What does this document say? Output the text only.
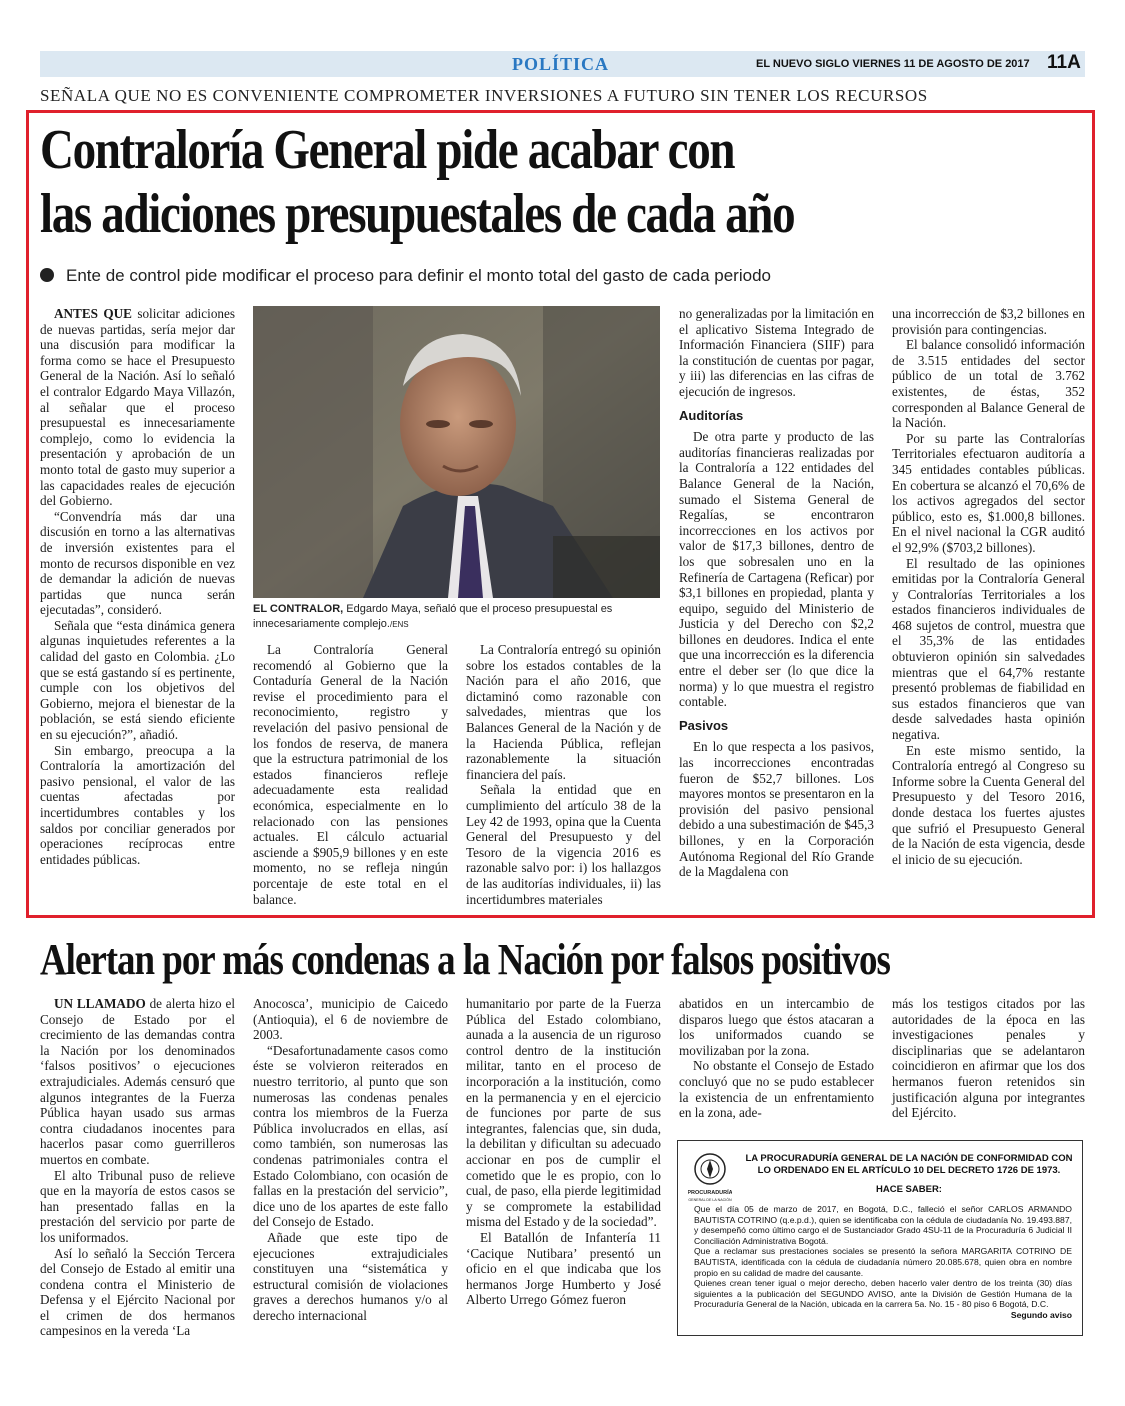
POLÍTICA	EL NUEVO SIGLO VIERNES 11 DE AGOSTO DE 2017 11A
SEÑALA QUE NO ES CONVENIENTE COMPROMETER INVERSIONES A FUTURO SIN TENER LOS RECURSOS
Contraloría General pide acabar con
las adiciones presupuestales de cada año
Ente de control pide modificar el proceso para definir el monto total del gasto de cada periodo

ANTES QUE solicitar adiciones de nuevas partidas, sería mejor dar una discusión para modificar la forma como se hace el Presupuesto General de la Nación. Así lo señaló el contralor Edgardo Maya Villazón, al señalar que el proceso presupuestal es innecesariamente complejo, como lo evidencia la presentación y aprobación de un monto total de gasto muy superior a las capacidades reales de ejecución del Gobierno.

“Convendría más dar una discusión en torno a las alternativas de inversión existentes para el monto de recursos disponible en vez de demandar la adición de nuevas partidas que nunca serán ejecutadas”, consideró.

Señala que “esta dinámica genera algunas inquietudes referentes a la calidad del gasto en Colombia. ¿Lo que se está gastando sí es pertinente, cumple con los objetivos del Gobierno, mejora el bienestar de la población, se está siendo eficiente en su ejecución?”, añadió.

Sin embargo, preocupa a la Contraloría la amortización del pasivo pensional, el valor de las cuentas afectadas por incertidumbres contables y los saldos por conciliar generados por operaciones recíprocas entre entidades públicas.

EL CONTRALOR, Edgardo Maya, señaló que el proceso presupuestal es innecesariamente complejo./ENS

La Contraloría General recomendó al Gobierno que la Contaduría General de la Nación revise el procedimiento para el reconocimiento, registro y revelación del pasivo pensional de los fondos de reserva, de manera que la estructura patrimonial de los estados financieros refleje adecuadamente esta realidad económica, especialmente en lo relacionado con las pensiones actuales. El cálculo actuarial asciende a $905,9 billones y en este momento, no se refleja ningún porcentaje de este total en el balance.

La Contraloría entregó su opinión sobre los estados contables de la Nación para el año 2016, que dictaminó como razonable con salvedades, mientras que los Balances General de la Nación y de la Hacienda Pública, reflejan razonablemente la situación financiera del país.

Señala la entidad que en cumplimiento del artículo 38 de la Ley 42 de 1993, opina que la Cuenta General del Presupuesto y del Tesoro de la vigencia 2016 es razonable salvo por: i) los hallazgos de las auditorías individuales, ii) las incertidumbres materiales

no generalizadas por la limitación en el aplicativo Sistema Integrado de Información Financiera (SIIF) para la constitución de cuentas por pagar, y iii) las diferencias en las cifras de ejecución de ingresos.

Auditorías

De otra parte y producto de las auditorías financieras realizadas por la Contraloría a 122 entidades del Balance General de la Nación, sumado el Sistema General de Regalías, se encontraron incorrecciones en los activos por valor de $17,3 billones, dentro de los que sobresalen uno en la Refinería de Cartagena (Reficar) por $3,1 billones en propiedad, planta y equipo, seguido del Ministerio de Justicia y del Derecho con $2,2 billones en deudores. Indica el ente que una incorrección es la diferencia entre el deber ser (lo que dice la norma) y lo que muestra el registro contable.

Pasivos

En lo que respecta a los pasivos, las incorrecciones encontradas fueron de $52,7 billones. Los mayores montos se presentaron en la provisión del pasivo pensional debido a una subestimación de $45,3 billones, y en la Corporación Autónoma Regional del Río Grande de la Magdalena con

una incorrección de $3,2 billones en provisión para contingencias.

El balance consolidó información de 3.515 entidades del sector público de un total de 3.762 existentes, de éstas, 352 corresponden al Balance General de la Nación.

Por su parte las Contralorías Territoriales efectuaron auditoría a 345 entidades contables públicas. En cobertura se alcanzó el 70,6% de los activos agregados del sector público, esto es, $1.000,8 billones. En el nivel nacional la CGR auditó el 92,9% ($703,2 billones).

El resultado de las opiniones emitidas por la Contraloría General y Contralorías Territoriales a los estados financieros individuales de 468 sujetos de control, muestra que el 35,3% de las entidades obtuvieron opinión sin salvedades mientras que el 64,7% restante presentó problemas de fiabilidad en sus estados financieros que van desde salvedades hasta opinión negativa.

En este mismo sentido, la Contraloría entregó al Congreso su Informe sobre la Cuenta General del Presupuesto y del Tesoro 2016, donde destaca los fuertes ajustes que sufrió el Presupuesto General de la Nación de esta vigencia, desde el inicio de su ejecución.

Alertan por más condenas a la Nación por falsos positivos

UN LLAMADO de alerta hizo el Consejo de Estado por el crecimiento de las demandas contra la Nación por los denominados ‘falsos positivos’ o ejecuciones extrajudiciales. Además censuró que algunos integrantes de la Fuerza Pública hayan usado sus armas contra ciudadanos inocentes para hacerlos pasar como guerrilleros muertos en combate.

El alto Tribunal puso de relieve que en la mayoría de estos casos se han presentado fallas en la prestación del servicio por parte de los uniformados.

Así lo señaló la Sección Tercera del Consejo de Estado al emitir una condena contra el Ministerio de Defensa y el Ejército Nacional por el crimen de dos hermanos campesinos en la vereda ‘La

Anocosca’, municipio de Caicedo (Antioquia), el 6 de noviembre de 2003.

“Desafortunadamente casos como éste se volvieron reiterados en nuestro territorio, al punto que son numerosas las condenas penales contra los miembros de la Fuerza Pública involucrados en ellas, así como también, son numerosas las condenas patrimoniales contra el Estado Colombiano, con ocasión de fallas en la prestación del servicio”, dice uno de los apartes de este fallo del Consejo de Estado.

Añade que este tipo de ejecuciones extrajudiciales constituyen una “sistemática y estructural comisión de violaciones graves a derechos humanos y/o al derecho internacional

humanitario por parte de la Fuerza Pública del Estado colombiano, aunada a la ausencia de un riguroso control dentro de la institución militar, tanto en el proceso de incorporación a la institución, como en la permanencia y en el ejercicio de funciones por parte de sus integrantes, falencias que, sin duda, la debilitan y dificultan su adecuado accionar en pos de cumplir el cometido que le es propio, con lo cual, de paso, ella pierde legitimidad y se compromete la estabilidad misma del Estado y de la sociedad”.

El Batallón de Infantería 11 ‘Cacique Nutibara’ presentó un oficio en el que indicaba que los hermanos Jorge Humberto y José Alberto Urrego Gómez fueron

abatidos en un intercambio de disparos luego que éstos atacaran a los uniformados cuando se movilizaban por la zona.

No obstante el Consejo de Estado concluyó que no se pudo establecer la existencia de un enfrentamiento en la zona, ade-

más los testigos citados por las autoridades de la época en las investigaciones penales y disciplinarias que se adelantaron coincidieron en afirmar que los dos hermanos fueron retenidos sin justificación alguna por integrantes del Ejército.

PROCURADURÍA
GENERAL DE LA NACIÓN
LA PROCURADURÍA GENERAL DE LA NACIÓN DE CONFORMIDAD CON LO ORDENADO EN EL ARTÍCULO 10 DEL DECRETO 1726 DE 1973.
HACE SABER:

Que el día 05 de marzo de 2017, en Bogotá, D.C., falleció el señor CARLOS ARMANDO BAUTISTA COTRINO (q.e.p.d.), quien se identificaba con la cédula de ciudadanía No. 19.493.887, y desempeñó como último cargo el de Sustanciador Grado 4SU-11 de la Procuraduría 6 Judicial II Conciliación Administrativa Bogotá.

Que a reclamar sus prestaciones sociales se presentó la señora MARGARITA COTRINO DE BAUTISTA, identificada con la cédula de ciudadanía número 20.085.678, quien obra en nombre propio en su calidad de madre del causante.

Quienes crean tener igual o mejor derecho, deben hacerlo valer dentro de los treinta (30) días siguientes a la publicación del SEGUNDO AVISO, ante la División de Gestión Humana de la Procuraduría General de la Nación, ubicada en la carrera 5a. No. 15 - 80 piso 6 Bogotá, D.C.

Segundo aviso
